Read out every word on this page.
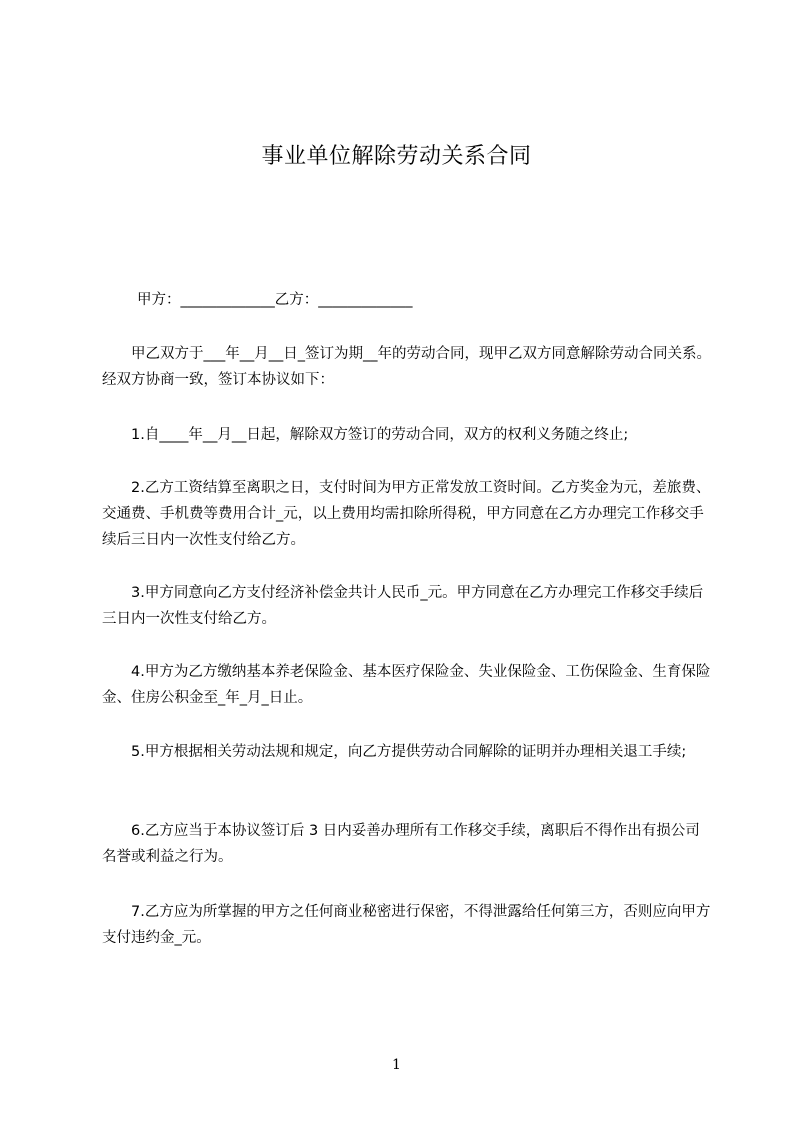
事业单位解除劳动关系合同
甲方：_____________乙方：_____________
甲乙双方于___年__月__日_签订为期__年的劳动合同，现甲乙双方同意解除劳动合同关系。经双方协商一致，签订本协议如下：
1.自____年__月__日起，解除双方签订的劳动合同，双方的权利义务随之终止;
2.乙方工资结算至离职之日，支付时间为甲方正常发放工资时间。乙方奖金为元，差旅费、交通费、手机费等费用合计_元，以上费用均需扣除所得税，甲方同意在乙方办理完工作移交手续后三日内一次性支付给乙方。
3.甲方同意向乙方支付经济补偿金共计人民币_元。甲方同意在乙方办理完工作移交手续后三日内一次性支付给乙方。
4.甲方为乙方缴纳基本养老保险金、基本医疗保险金、失业保险金、工伤保险金、生育保险金、住房公积金至_年_月_日止。
5.甲方根据相关劳动法规和规定，向乙方提供劳动合同解除的证明并办理相关退工手续;
6.乙方应当于本协议签订后 3 日内妥善办理所有工作移交手续，离职后不得作出有损公司名誉或利益之行为。
7.乙方应为所掌握的甲方之任何商业秘密进行保密，不得泄露给任何第三方，否则应向甲方支付违约金_元。
1
